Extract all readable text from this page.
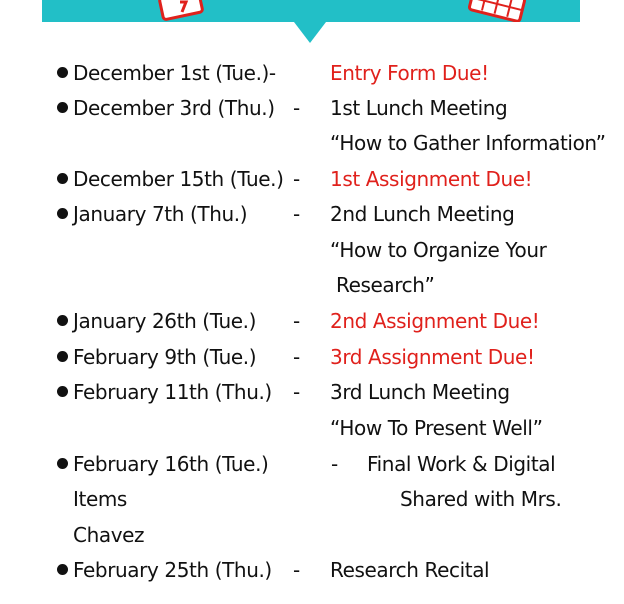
December 1st (Tue.)-	Entry Form Due!
December 3rd (Thu.) - 1st Lunch Meeting
“How to Gather Information”
December 15th (Tue.) - 1st Assignment Due!
January 7th (Thu.) - 2nd Lunch Meeting
“How to Organize Your
Research”
January 26th (Tue.) - 2nd Assignment Due!
February 9th (Tue.) - 3rd Assignment Due!
February 11th (Thu.) - 3rd Lunch Meeting
“How To Present Well”
February 16th (Tue.)
Items
Chavez
- Final Work & Digital
Shared with Mrs.
February 25th (Thu.) - Research Recital
